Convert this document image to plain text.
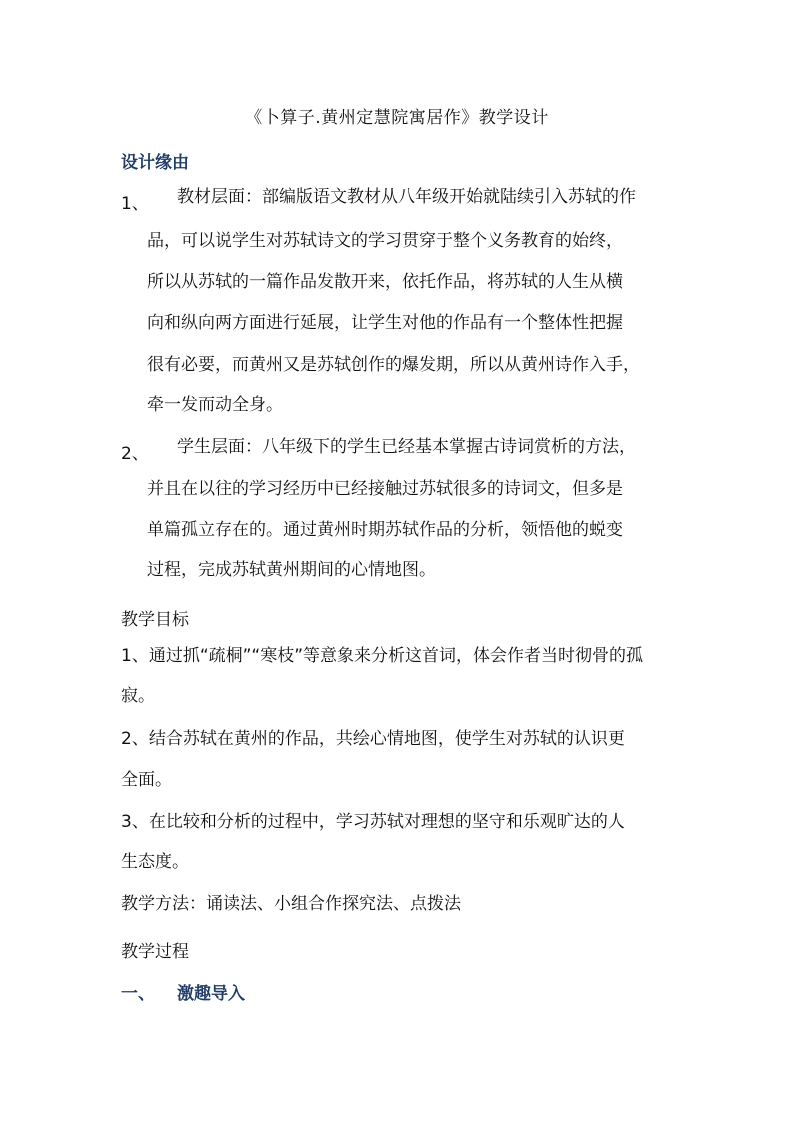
《卜算子.黄州定慧院寓居作》教学设计
设计缘由
1、 教材层面：部编版语文教材从八年级开始就陆续引入苏轼的作
品，可以说学生对苏轼诗文的学习贯穿于整个义务教育的始终，
所以从苏轼的一篇作品发散开来，依托作品，将苏轼的人生从横
向和纵向两方面进行延展，让学生对他的作品有一个整体性把握
很有必要，而黄州又是苏轼创作的爆发期，所以从黄州诗作入手，
牵一发而动全身。
2、 学生层面：八年级下的学生已经基本掌握古诗词赏析的方法，
并且在以往的学习经历中已经接触过苏轼很多的诗词文，但多是
单篇孤立存在的。通过黄州时期苏轼作品的分析，领悟他的蜕变
过程，完成苏轼黄州期间的心情地图。
教学目标
1、通过抓“疏桐”“寒枝”等意象来分析这首词，体会作者当时彻骨的孤
寂。
2、结合苏轼在黄州的作品，共绘心情地图，使学生对苏轼的认识更
全面。
3、在比较和分析的过程中，学习苏轼对理想的坚守和乐观旷达的人
生态度。
教学方法：诵读法、小组合作探究法、点拨法
教学过程
一、 激趣导入
